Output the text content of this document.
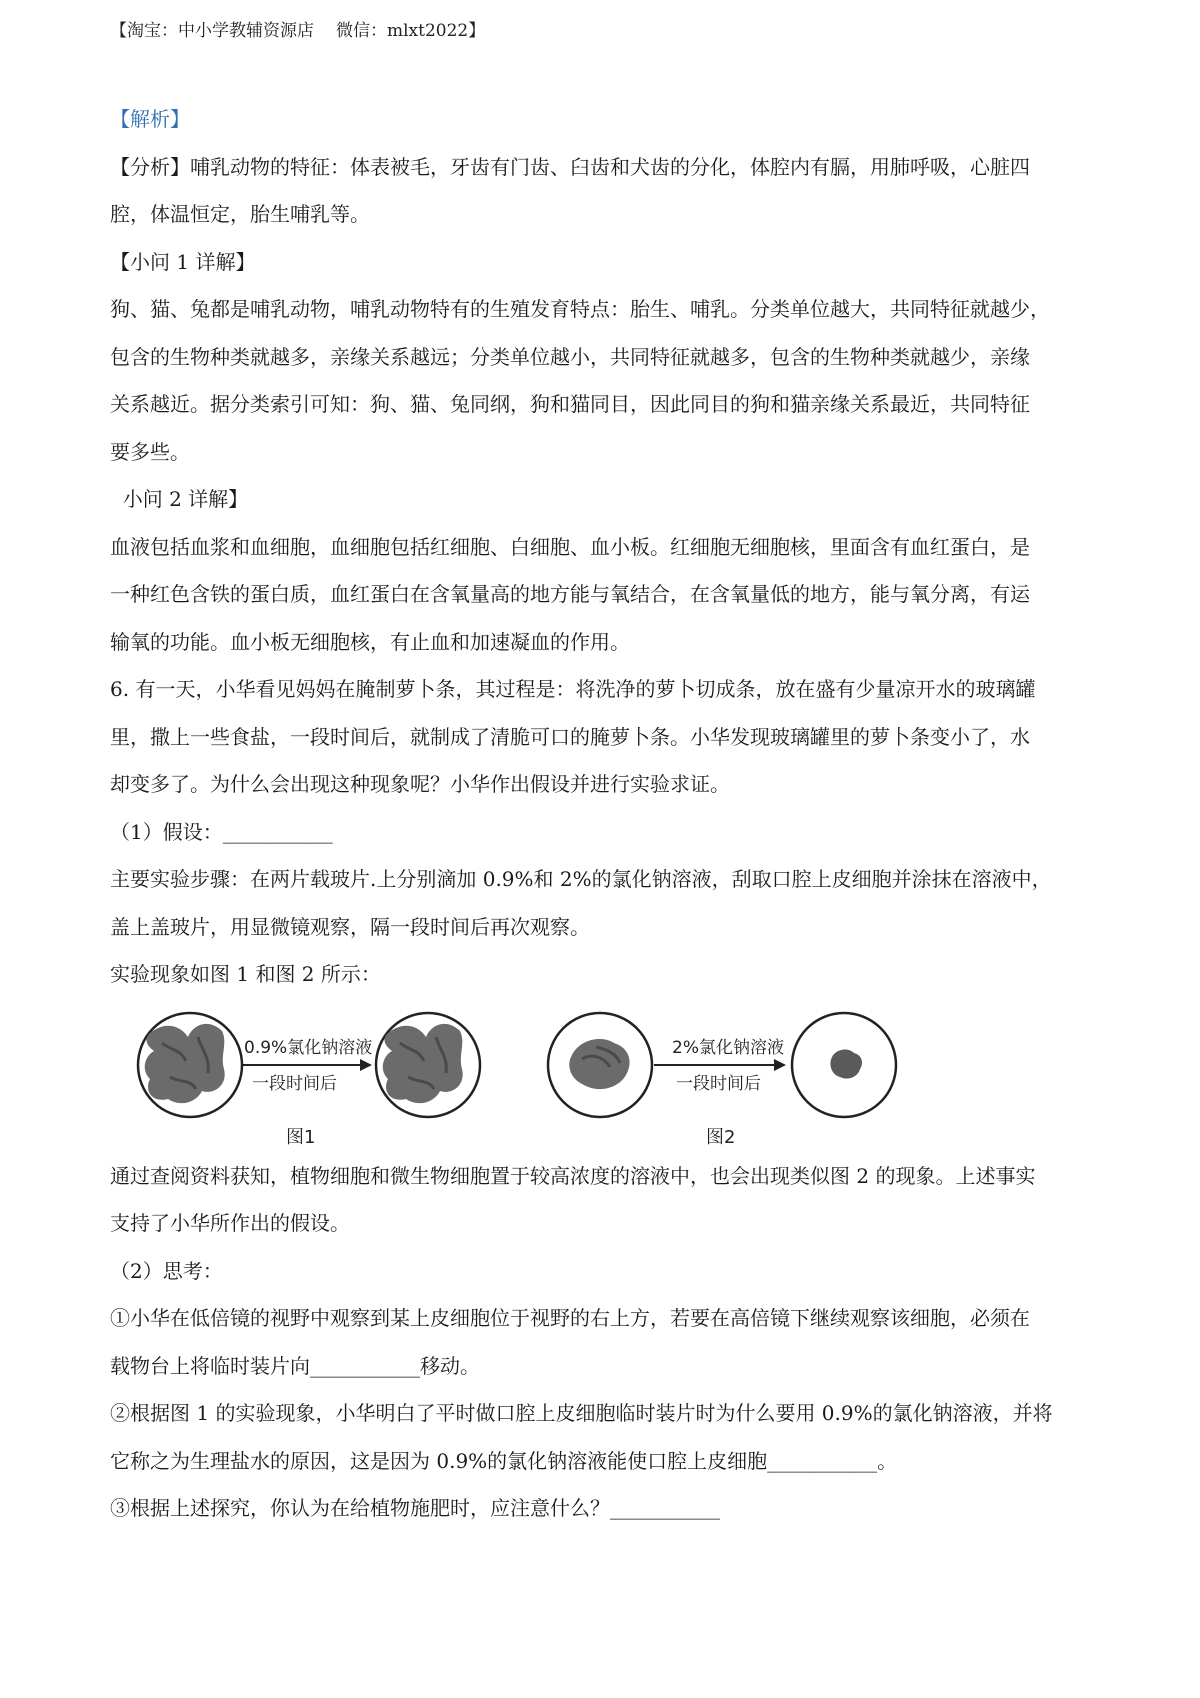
【淘宝：中小学教辅资源店 微信：mlxt2022】

【解析】

【分析】哺乳动物的特征：体表被毛，牙齿有门齿、臼齿和犬齿的分化，体腔内有膈，用肺呼吸，心脏四

腔，体温恒定，胎生哺乳等。

【小问 1 详解】

狗、猫、兔都是哺乳动物，哺乳动物特有的生殖发育特点：胎生、哺乳。分类单位越大，共同特征就越少，

包含的生物种类就越多，亲缘关系越远；分类单位越小，共同特征就越多，包含的生物种类就越少，亲缘

关系越近。据分类索引可知：狗、猫、兔同纲，狗和猫同目，因此同目的狗和猫亲缘关系最近，共同特征

要多些。

小问 2 详解】

血液包括血浆和血细胞，血细胞包括红细胞、白细胞、血小板。红细胞无细胞核，里面含有血红蛋白，是

一种红色含铁的蛋白质，血红蛋白在含氧量高的地方能与氧结合，在含氧量低的地方，能与氧分离，有运

输氧的功能。血小板无细胞核，有止血和加速凝血的作用。

6. 有一天，小华看见妈妈在腌制萝卜条，其过程是：将洗净的萝卜切成条，放在盛有少量凉开水的玻璃罐

里，撒上一些食盐，一段时间后，就制成了清脆可口的腌萝卜条。小华发现玻璃罐里的萝卜条变小了，水

却变多了。为什么会出现这种现象呢？小华作出假设并进行实验求证。

（1）假设：___________

主要实验步骤：在两片载玻片.上分别滴加 0.9%和 2%的氯化钠溶液，刮取口腔上皮细胞并涂抹在溶液中，

盖上盖玻片，用显微镜观察，隔一段时间后再次观察。

实验现象如图 1 和图 2 所示：

0.9%氯化钠溶液
一段时间后
图1
2%氯化钠溶液
一段时间后
图2

通过查阅资料获知，植物细胞和微生物细胞置于较高浓度的溶液中，也会出现类似图 2 的现象。上述事实

支持了小华所作出的假设。

（2）思考：

①小华在低倍镜的视野中观察到某上皮细胞位于视野的右上方，若要在高倍镜下继续观察该细胞，必须在

载物台上将临时装片向___________移动。

②根据图 1 的实验现象，小华明白了平时做口腔上皮细胞临时装片时为什么要用 0.9%的氯化钠溶液，并将

它称之为生理盐水的原因，这是因为 0.9%的氯化钠溶液能使口腔上皮细胞___________。

③根据上述探究，你认为在给植物施肥时，应注意什么？___________
